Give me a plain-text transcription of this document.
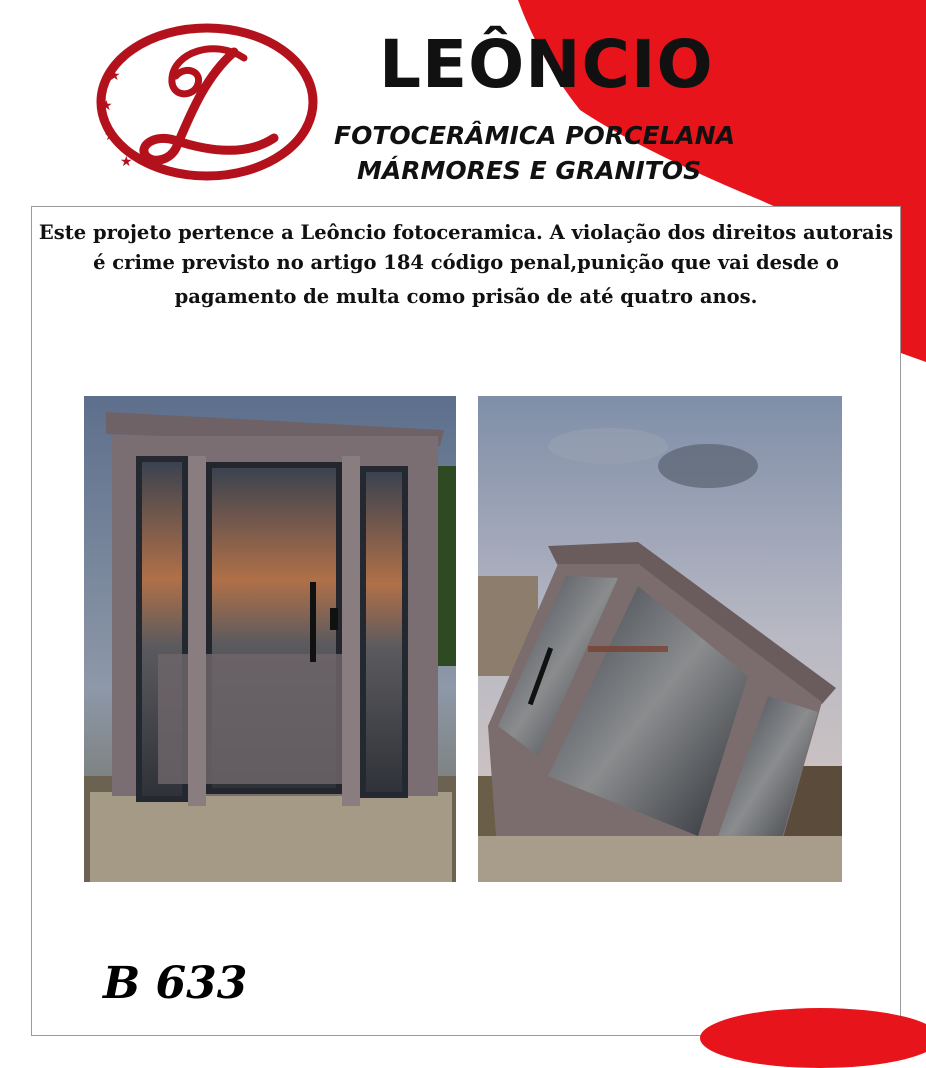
★
★
★
★
LEÔNCIO
FOTOCERÂMICA PORCELANA
MÁRMORES E GRANITOS
Este projeto pertence a Leôncio fotoceramica. A violação dos direitos autorais é crime previsto no artigo 184 código penal,punição que vai desde o
pagamento de multa como prisão de até quatro anos.
B 633
